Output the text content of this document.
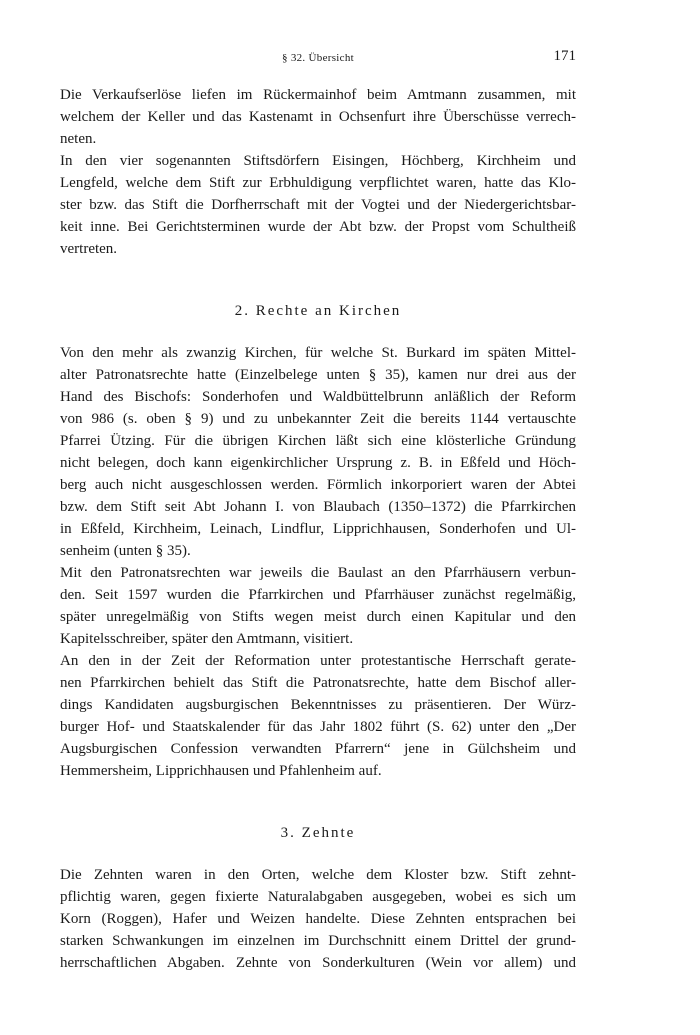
§ 32. Übersicht	171

Die Verkaufserlöse liefen im Rückermainhof beim Amtmann zusammen, mit
welchem der Keller und das Kastenamt in Ochsenfurt ihre Überschüsse verrech-
neten.

In den vier sogenannten Stiftsdörfern Eisingen, Höchberg, Kirchheim und
Lengfeld, welche dem Stift zur Erbhuldigung verpflichtet waren, hatte das Klo-
ster bzw. das Stift die Dorfherrschaft mit der Vogtei und der Niedergerichtsbar-
keit inne. Bei Gerichtsterminen wurde der Abt bzw. der Propst vom Schultheiß
vertreten.

2. Rechte an Kirchen

Von den mehr als zwanzig Kirchen, für welche St. Burkard im späten Mittel-
alter Patronatsrechte hatte (Einzelbelege unten § 35), kamen nur drei aus der
Hand des Bischofs: Sonderhofen und Waldbüttelbrunn anläßlich der Reform
von 986 (s. oben § 9) und zu unbekannter Zeit die bereits 1144 vertauschte
Pfarrei Ützing. Für die übrigen Kirchen läßt sich eine klösterliche Gründung
nicht belegen, doch kann eigenkirchlicher Ursprung z. B. in Eßfeld und Höch-
berg auch nicht ausgeschlossen werden. Förmlich inkorporiert waren der Abtei
bzw. dem Stift seit Abt Johann I. von Blaubach (1350–1372) die Pfarrkirchen
in Eßfeld, Kirchheim, Leinach, Lindflur, Lipprichhausen, Sonderhofen und Ul-
senheim (unten § 35).

Mit den Patronatsrechten war jeweils die Baulast an den Pfarrhäusern verbun-
den. Seit 1597 wurden die Pfarrkirchen und Pfarrhäuser zunächst regelmäßig,
später unregelmäßig von Stifts wegen meist durch einen Kapitular und den
Kapitelsschreiber, später den Amtmann, visitiert.

An den in der Zeit der Reformation unter protestantische Herrschaft gerate-
nen Pfarrkirchen behielt das Stift die Patronatsrechte, hatte dem Bischof aller-
dings Kandidaten augsburgischen Bekenntnisses zu präsentieren. Der Würz-
burger Hof- und Staatskalender für das Jahr 1802 führt (S. 62) unter den „Der
Augsburgischen Confession verwandten Pfarrern“ jene in Gülchsheim und
Hemmersheim, Lipprichhausen und Pfahlenheim auf.

3. Zehnte

Die Zehnten waren in den Orten, welche dem Kloster bzw. Stift zehnt-
pflichtig waren, gegen fixierte Naturalabgaben ausgegeben, wobei es sich um
Korn (Roggen), Hafer und Weizen handelte. Diese Zehnten entsprachen bei
starken Schwankungen im einzelnen im Durchschnitt einem Drittel der grund-
herrschaftlichen Abgaben. Zehnte von Sonderkulturen (Wein vor allem) und
